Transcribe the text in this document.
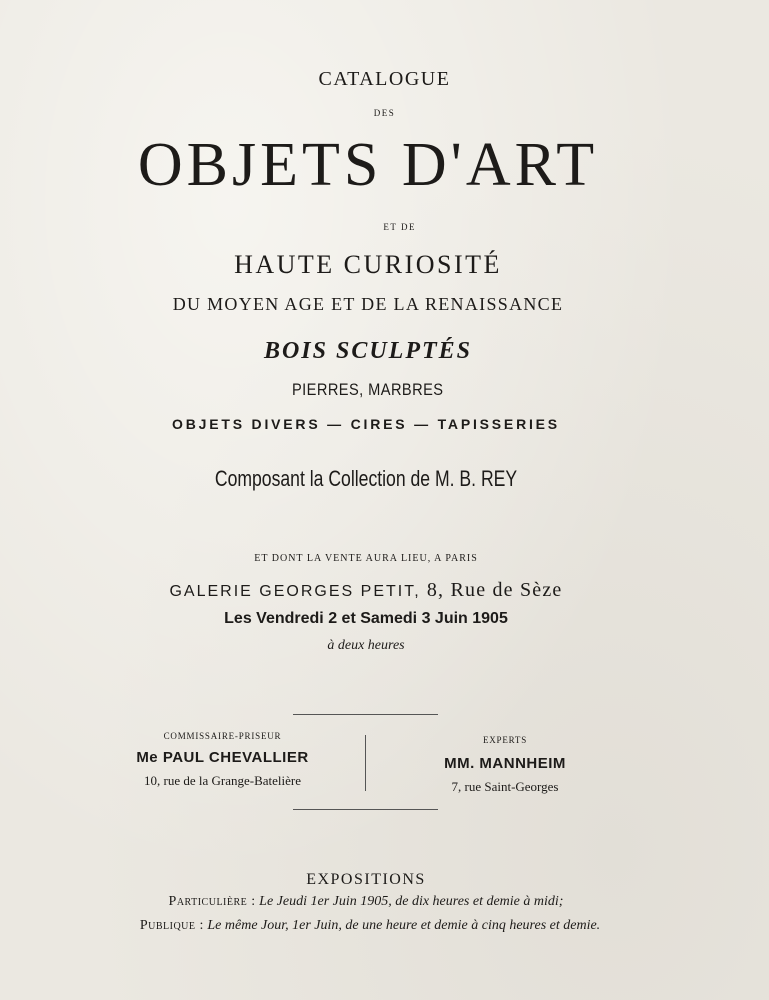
CATALOGUE
DES
OBJETS D'ART
ET DE
HAUTE CURIOSITÉ
DU MOYEN AGE ET DE LA RENAISSANCE
BOIS SCULPTÉS
PIERRES, MARBRES
OBJETS DIVERS — CIRES — TAPISSERIES
Composant la Collection de M. B. REY
ET DONT LA VENTE AURA LIEU, A PARIS
GALERIE GEORGES PETIT, 8, Rue de Sèze
Les Vendredi 2 et Samedi 3 Juin 1905
à deux heures
COMMISSAIRE-PRISEUR
Me PAUL CHEVALLIER
10, rue de la Grange-Batelière
EXPERTS
MM. MANNHEIM
7, rue Saint-Georges
EXPOSITIONS
Particulière : Le Jeudi 1er Juin 1905, de dix heures et demie à midi;
Publique : Le même Jour, 1er Juin, de une heure et demie à cinq heures et demie.
